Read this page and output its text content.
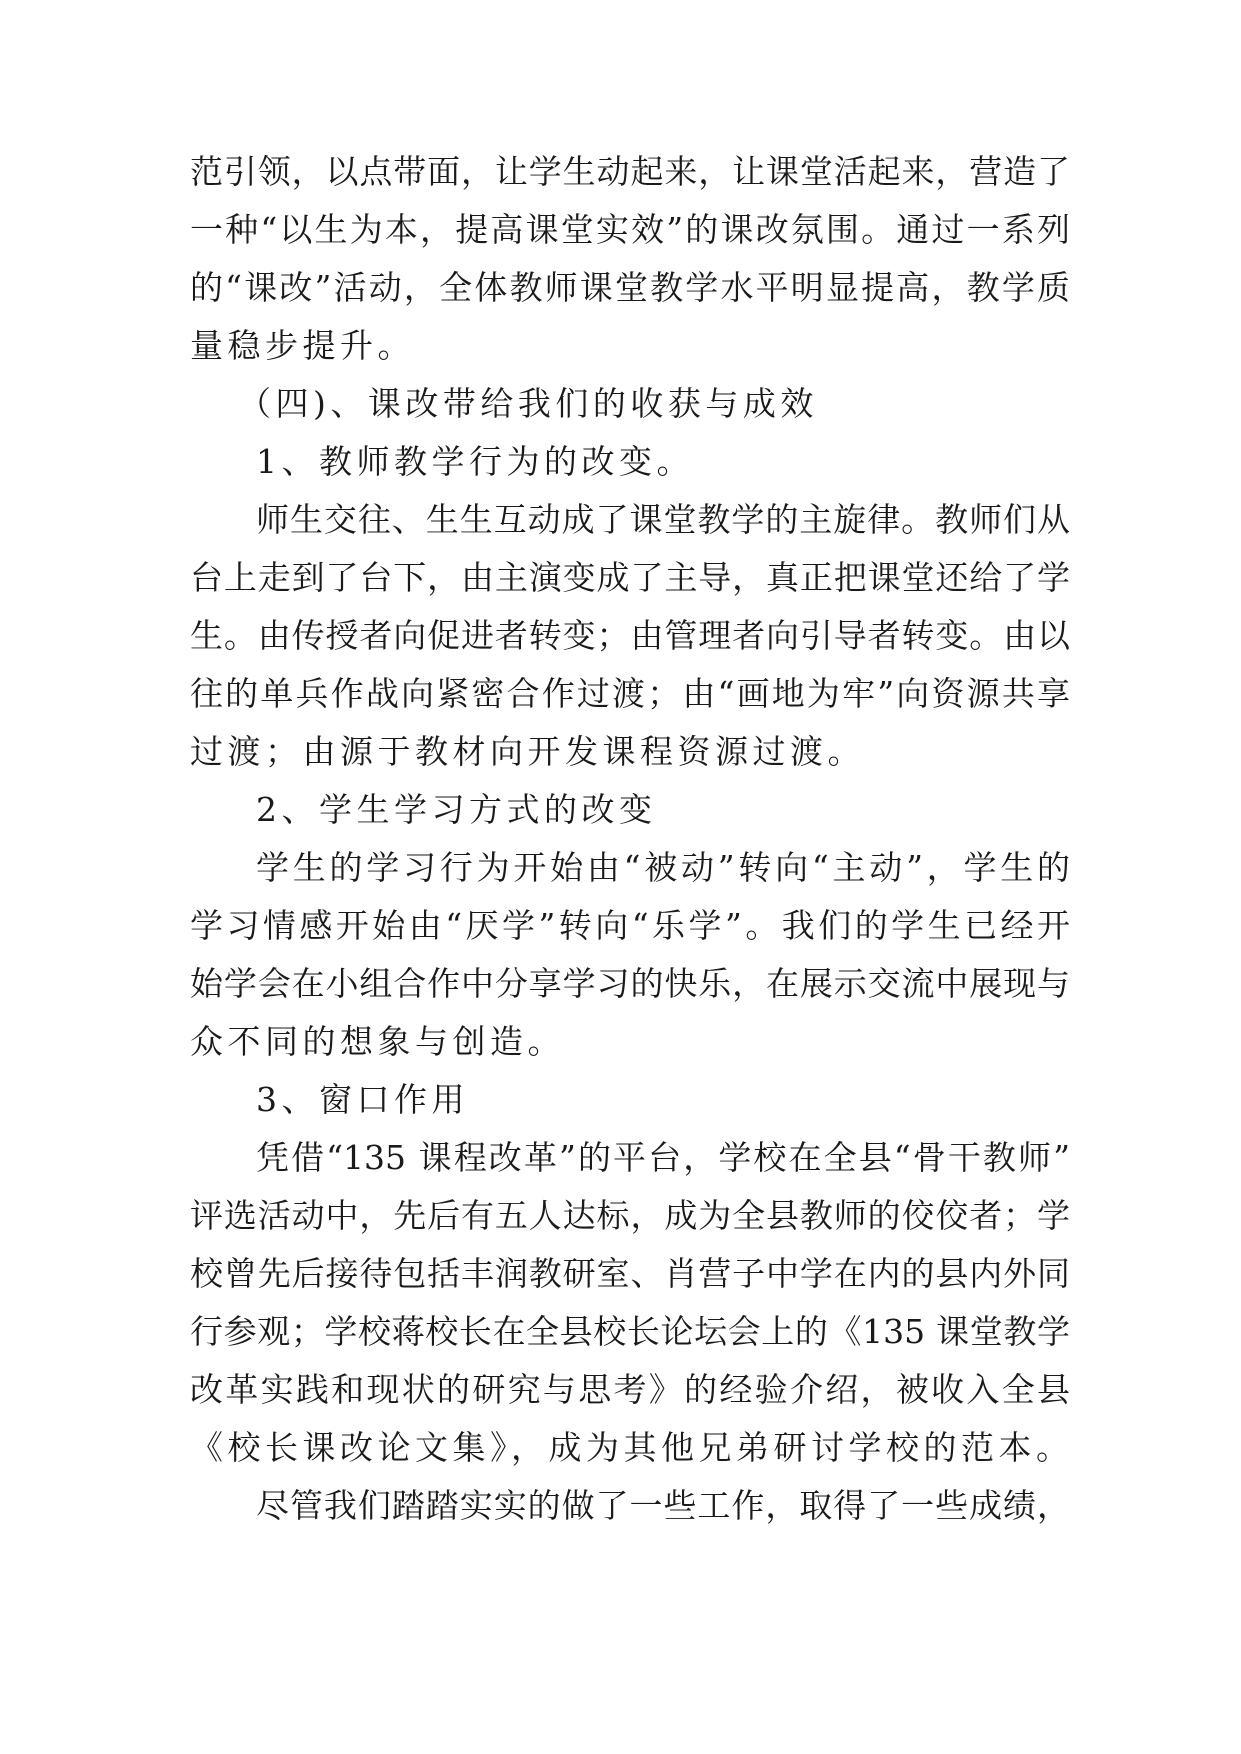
范引领，以点带面，让学生动起来，让课堂活起来，营造了
一种“以生为本，提高课堂实效”的课改氛围。通过一系列
的“课改”活动，全体教师课堂教学水平明显提高，教学质
量稳步提升。
（四)、课改带给我们的收获与成效
1、教师教学行为的改变。
师生交往、生生互动成了课堂教学的主旋律。教师们从
台上走到了台下，由主演变成了主导，真正把课堂还给了学
生。由传授者向促进者转变；由管理者向引导者转变。由以
往的单兵作战向紧密合作过渡；由“画地为牢”向资源共享
过渡；由源于教材向开发课程资源过渡。
2、学生学习方式的改变
学生的学习行为开始由“被动”转向“主动”，学生的
学习情感开始由“厌学”转向“乐学”。我们的学生已经开
始学会在小组合作中分享学习的快乐，在展示交流中展现与
众不同的想象与创造。
3、窗口作用
凭借“135 课程改革”的平台，学校在全县“骨干教师”
评选活动中，先后有五人达标，成为全县教师的佼佼者；学
校曾先后接待包括丰润教研室、肖营子中学在内的县内外同
行参观；学校蒋校长在全县校长论坛会上的《135 课堂教学
改革实践和现状的研究与思考》的经验介绍，被收入全县
《校长课改论文集》，成为其他兄弟研讨学校的范本。
尽管我们踏踏实实的做了一些工作，取得了一些成绩，
